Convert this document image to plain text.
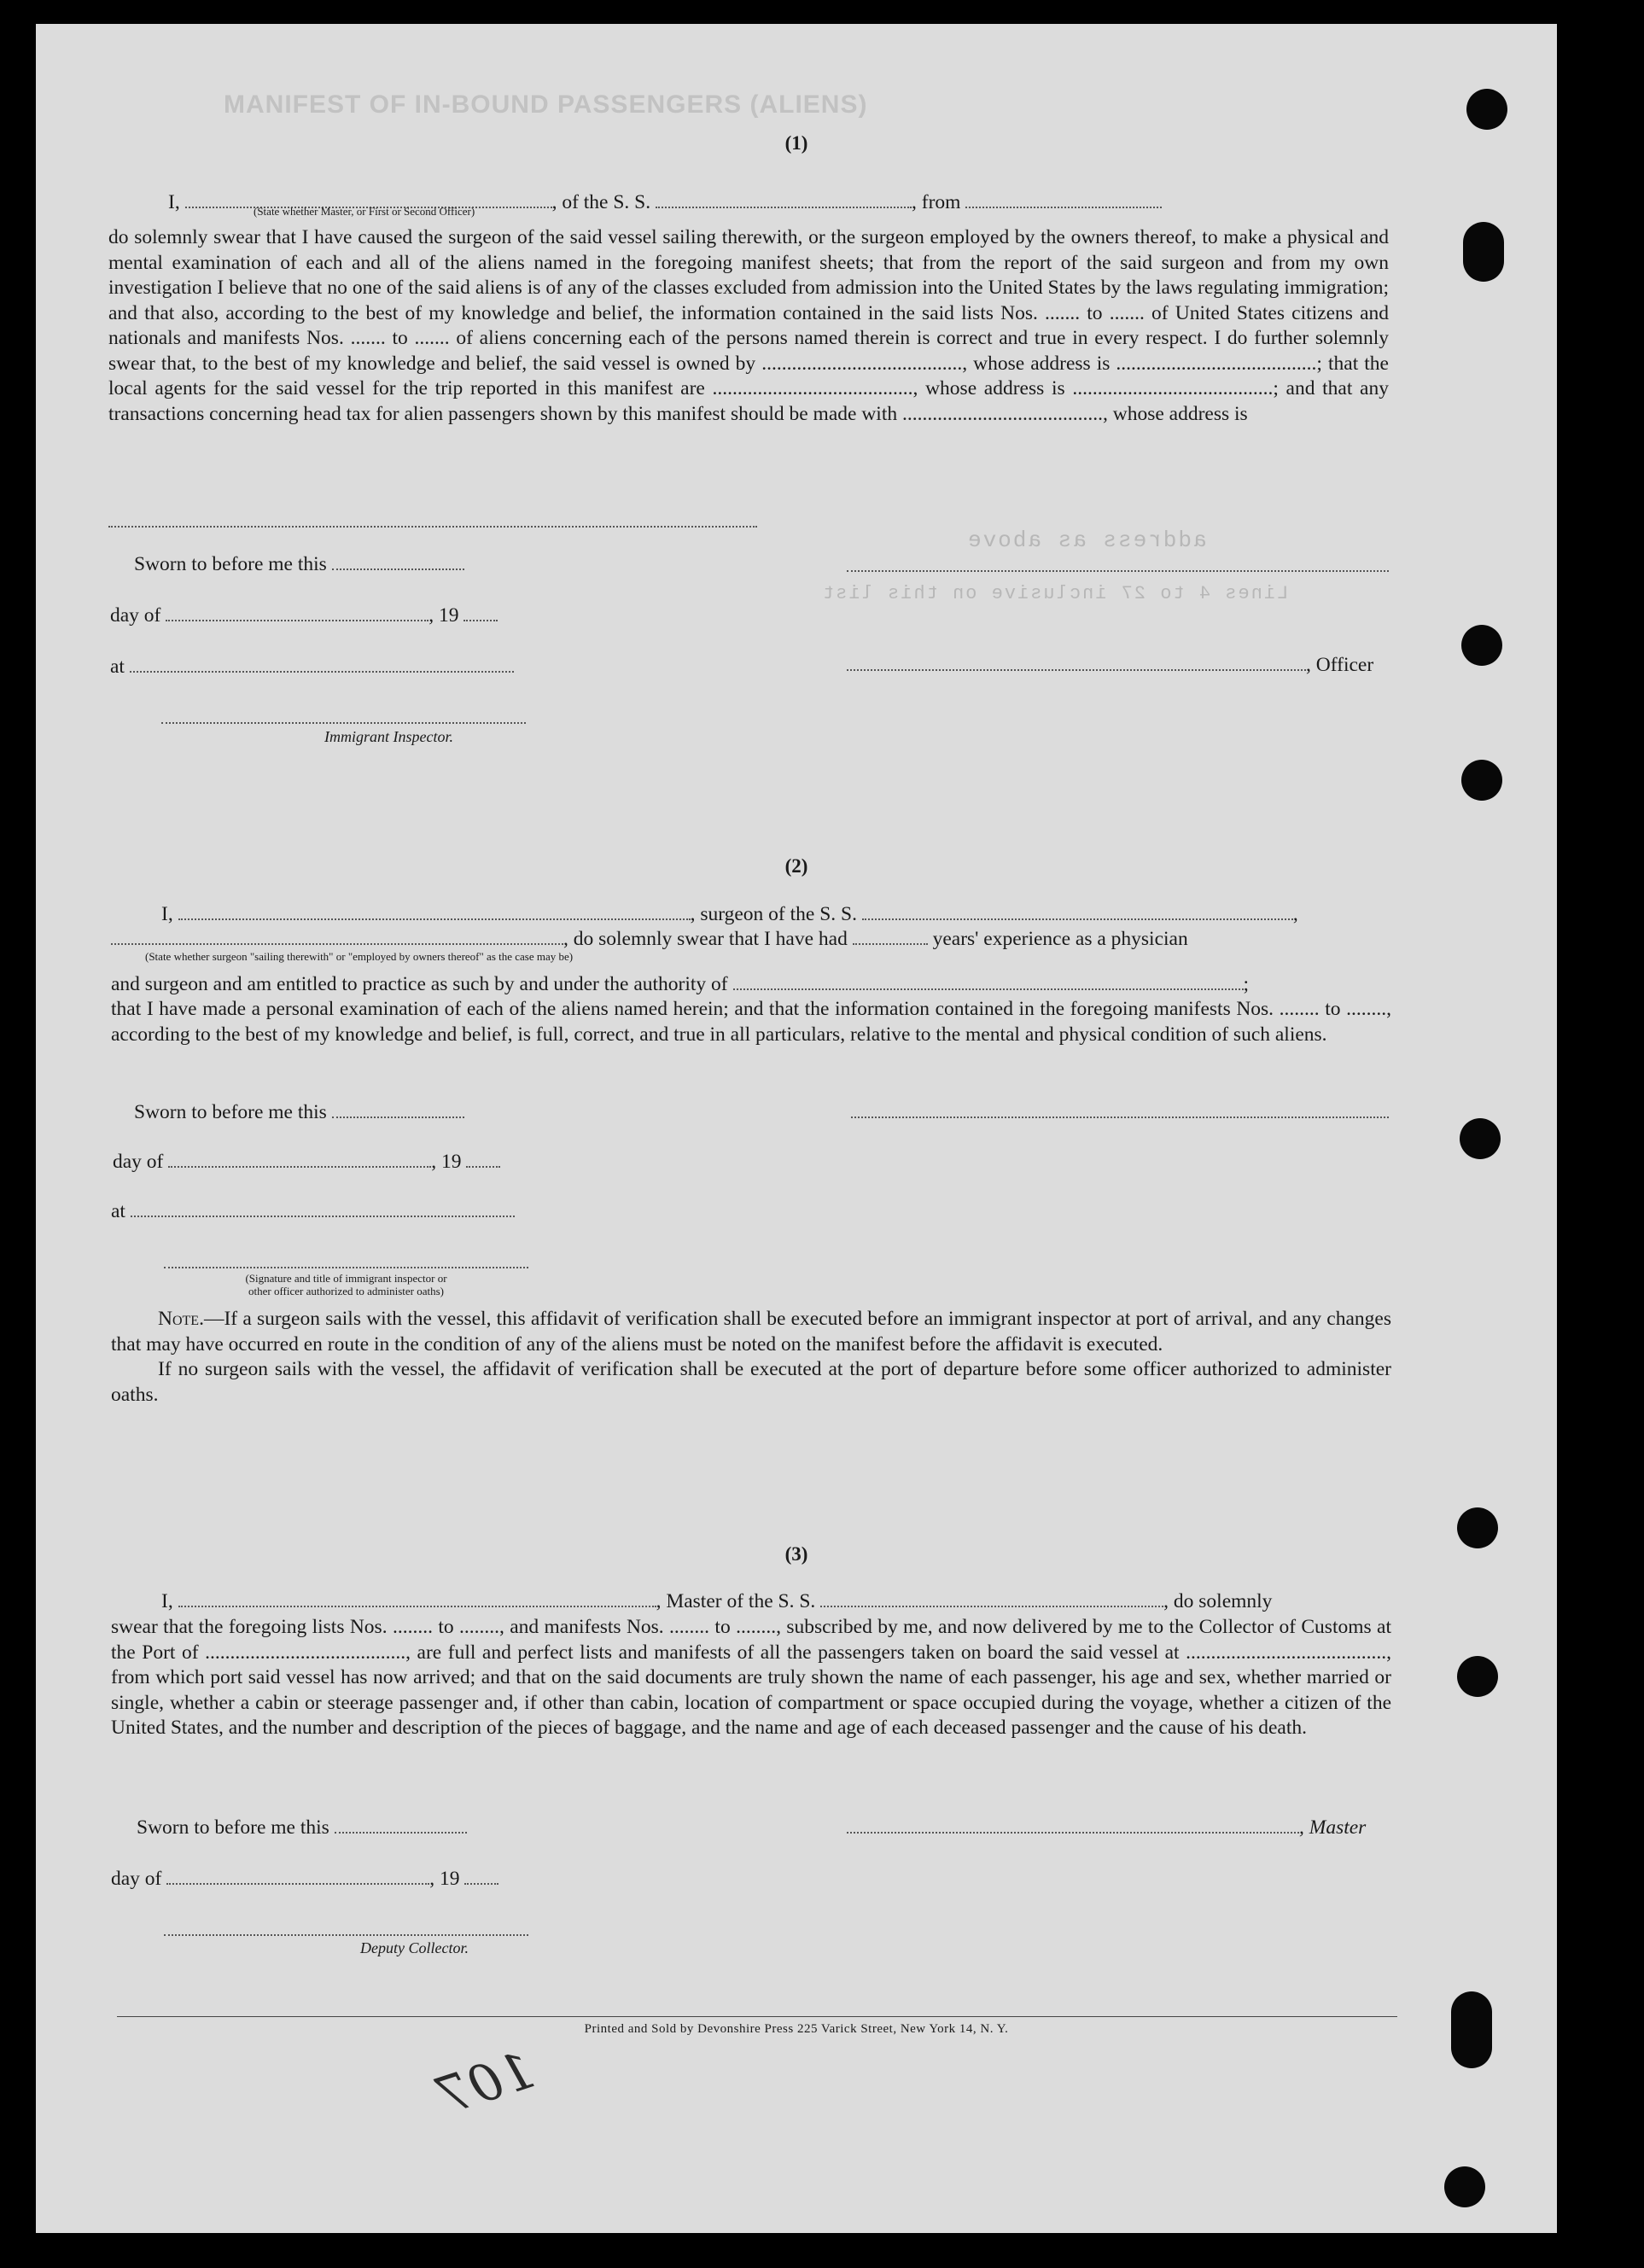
MANIFEST OF IN-BOUND PASSENGERS (ALIENS)
address as above
Lines 4 to 27 inclusive on this list
(1)
I,	, of the S. S.	, from
(State whether Master, or First or Second Officer)

do solemnly swear that I have caused the surgeon of the said vessel sailing therewith, or the surgeon employed by the owners thereof, to make a physical and mental examination of each and all of the aliens named in the foregoing manifest sheets; that from the report of the said surgeon and from my own investigation I believe that no one of the said aliens is of any of the classes excluded from admission into the United States by the laws regulating immigration; and that also, according to the best of my knowledge and belief, the information contained in the said lists Nos. ....... to ....... of United States citizens and nationals and manifests Nos. ....... to ....... of aliens concerning each of the persons named therein is correct and true in every respect. I do further solemnly swear that, to the best of my knowledge and belief, the said vessel is owned by ........................................, whose address is ........................................; that the local agents for the said vessel for the trip reported in this manifest are ........................................, whose address is ........................................; and that any transactions concerning head tax for alien passengers shown by this manifest should be made with ........................................, whose address is

Sworn to before me this
day of	, 19
at	, Officer
Immigrant Inspector.
(2)
I,	, surgeon of the S. S.	,
, do solemnly swear that I have had	years' experience as a physician
(State whether surgeon "sailing therewith" or "employed by owners thereof" as the case may be)
and surgeon and am entitled to practice as such by and under the authority of	;

that I have made a personal examination of each of the aliens named herein; and that the information contained in the foregoing manifests Nos. ........ to ........, according to the best of my knowledge and belief, is full, correct, and true in all particulars, relative to the mental and physical condition of such aliens.

Sworn to before me this
day of	, 19
at
(Signature and title of immigrant inspector or
other officer authorized to administer oaths)

Note.—If a surgeon sails with the vessel, this affidavit of verification shall be executed before an immigrant inspector at port of arrival, and any changes that may have occurred en route in the condition of any of the aliens must be noted on the manifest before the affidavit is executed.

If no surgeon sails with the vessel, the affidavit of verification shall be executed at the port of departure before some officer authorized to administer oaths.

(3)
I,	, Master of the S. S.	, do solemnly

swear that the foregoing lists Nos. ........ to ........, and manifests Nos. ........ to ........, subscribed by me, and now delivered by me to the Collector of Customs at the Port of ........................................, are full and perfect lists and manifests of all the passengers taken on board the said vessel at ........................................, from which port said vessel has now arrived; and that on the said documents are truly shown the name of each passenger, his age and sex, whether married or single, whether a cabin or steerage passenger and, if other than cabin, location of compartment or space occupied during the voyage, whether a citizen of the United States, and the number and description of the pieces of baggage, and the name and age of each deceased passenger and the cause of his death.

Sworn to before me this	, Master
day of	, 19
Deputy Collector.
Printed and Sold by Devonshire Press 225 Varick Street, New York 14, N. Y.
107
